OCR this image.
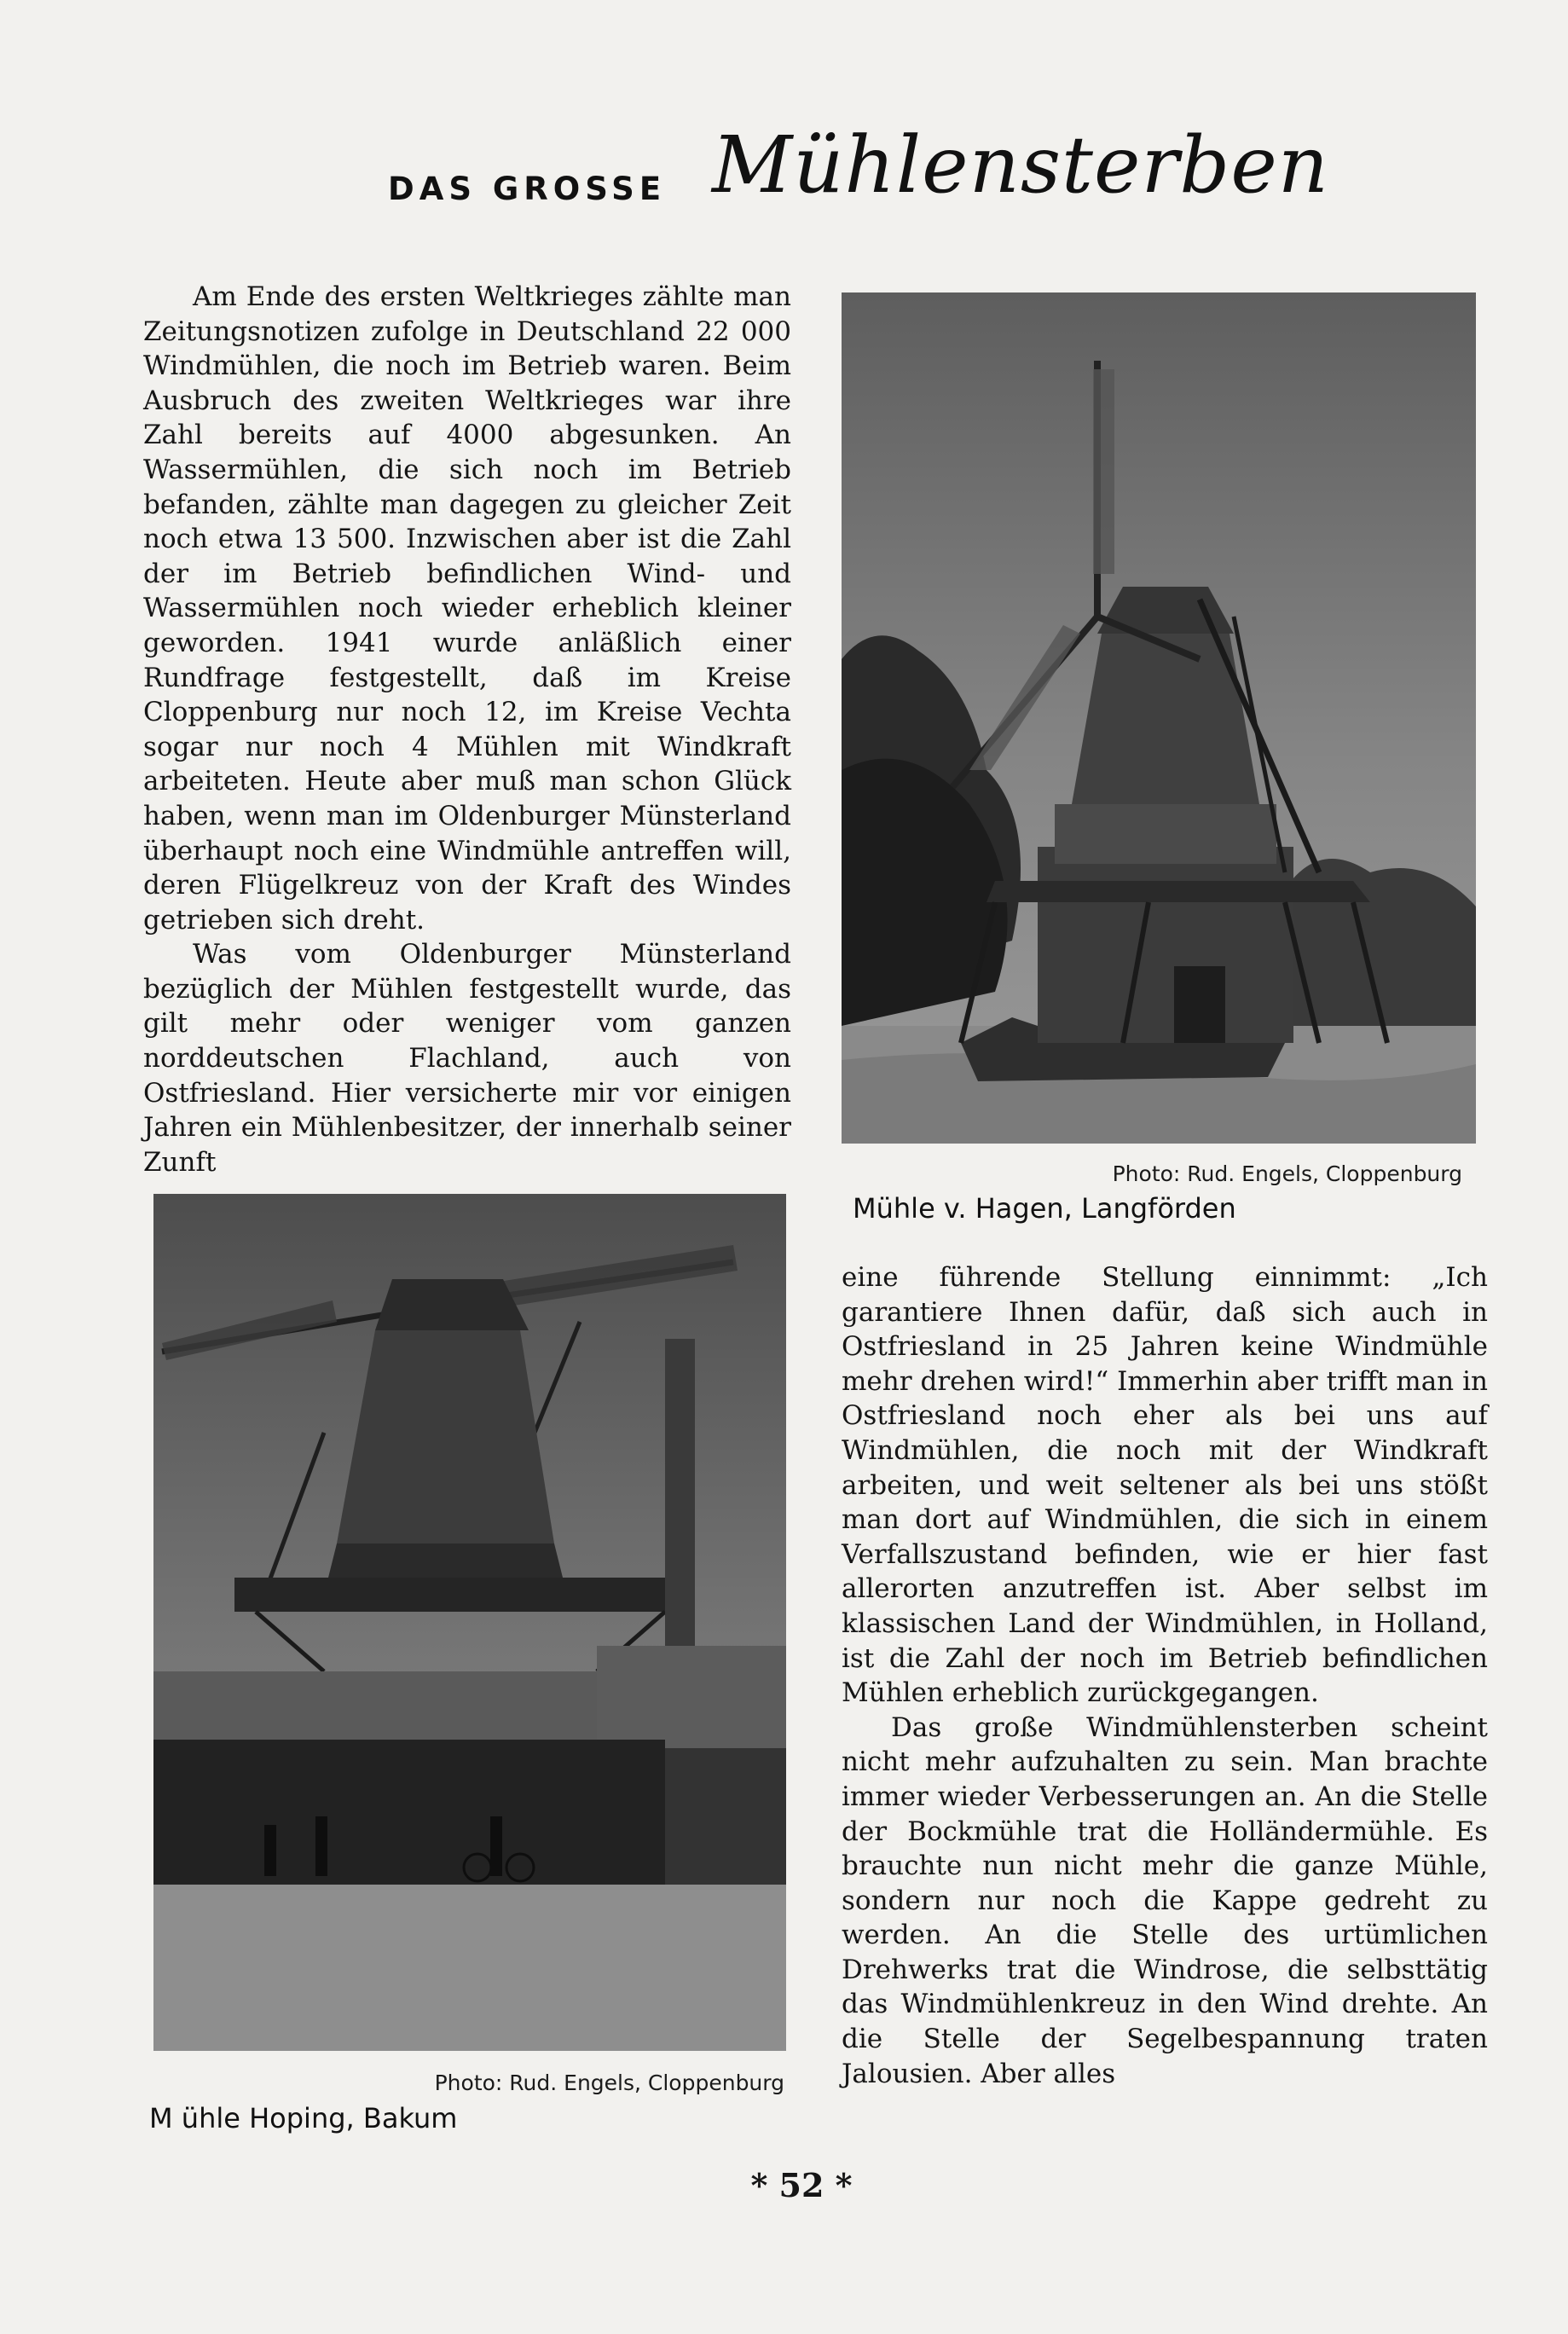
DAS GROSSE Mühlensterben

Am Ende des ersten Weltkrieges zählte man Zeitungsnotizen zufolge in Deutschland 22 000 Windmühlen, die noch im Betrieb waren. Beim Ausbruch des zweiten Weltkrieges war ihre Zahl bereits auf 4000 abgesunken. An Wassermühlen, die sich noch im Betrieb befanden, zählte man dagegen zu gleicher Zeit noch etwa 13 500. Inzwischen aber ist die Zahl der im Betrieb befindlichen Wind- und Wassermühlen noch wieder erheblich kleiner geworden. 1941 wurde anläßlich einer Rundfrage festgestellt, daß im Kreise Cloppenburg nur noch 12, im Kreise Vechta sogar nur noch 4 Mühlen mit Windkraft arbeiteten. Heute aber muß man schon Glück haben, wenn man im Oldenburger Münsterland überhaupt noch eine Windmühle antreffen will, deren Flügelkreuz von der Kraft des Windes getrieben sich dreht.

Was vom Oldenburger Münsterland bezüglich der Mühlen festgestellt wurde, das gilt mehr oder weniger vom ganzen norddeutschen Flachland, auch von Ostfriesland. Hier versicherte mir vor einigen Jahren ein Mühlenbesitzer, der innerhalb seiner Zunft	Photo: Rud. Engels, Cloppenburg
Mühle v. Hagen, Langförden
Photo: Rud. Engels, Cloppenburg
M ühle Hoping, Bakum

eine führende Stellung einnimmt: „Ich garantiere Ihnen dafür, daß sich auch in Ostfriesland in 25 Jahren keine Windmühle mehr drehen wird!“ Immerhin aber trifft man in Ostfriesland noch eher als bei uns auf Windmühlen, die noch mit der Windkraft arbeiten, und weit seltener als bei uns stößt man dort auf Windmühlen, die sich in einem Verfallszustand befinden, wie er hier fast allerorten anzutreffen ist. Aber selbst im klassischen Land der Windmühlen, in Holland, ist die Zahl der noch im Betrieb befindlichen Mühlen erheblich zurückgegangen.

Das große Windmühlensterben scheint nicht mehr aufzuhalten zu sein. Man brachte immer wieder Verbesserungen an. An die Stelle der Bockmühle trat die Holländermühle. Es brauchte nun nicht mehr die ganze Mühle, sondern nur noch die Kappe gedreht zu werden. An die Stelle des urtümlichen Drehwerks trat die Windrose, die selbsttätig das Windmühlenkreuz in den Wind drehte. An die Stelle der Segelbespannung traten Jalousien. Aber alles

* 52 *
